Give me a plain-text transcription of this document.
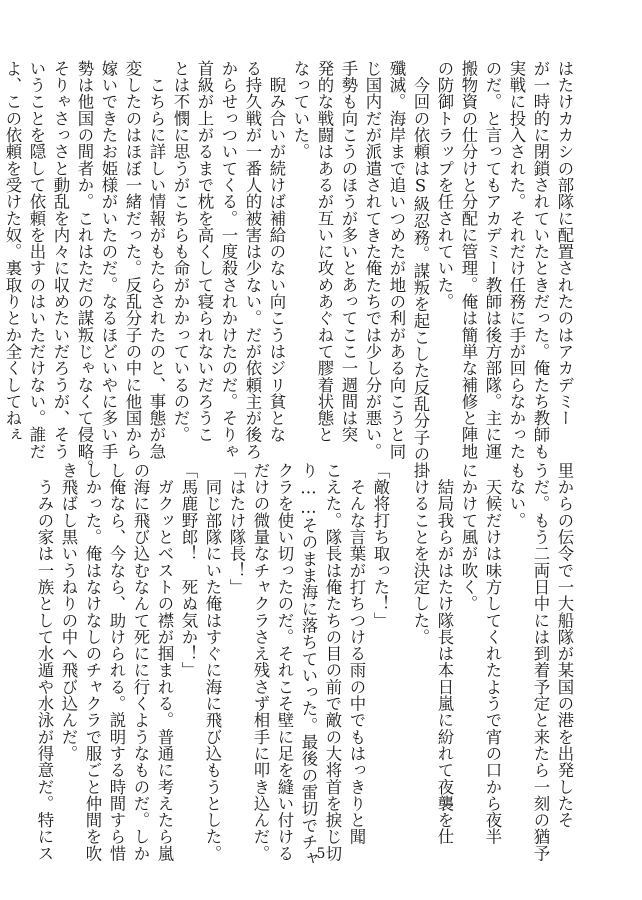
はたけカカシの部隊に配置されたのはアカデミー
が一時的に閉鎖されていたときだった。俺たち教師も
実戦に投入された。それだけ任務に手が回らなかった
のだ。と言ってもアカデミー教師は後方部隊。主に運
搬物資の仕分けと分配に管理。俺は簡単な補修と陣地
の防御トラップを任されていた。
　今回の依頼はS級忍務。謀叛を起こした反乱分子の
殲滅。海岸まで追いつめたが地の利がある向こうと同
じ国内だが派遣されてきた俺たちでは少し分が悪い。
手勢も向こうのほうが多いとあってここ一週間は突
発的な戦闘はあるが互いに攻めあぐねて膠着状態と
なっていた。
　睨み合いが続けば補給のない向こうはジリ貧とな
る持久戦が一番人的被害は少ない。だが依頼主が後ろ
からせっついてくる。一度殺されかけたのだ。そりゃ
首級が上がるまで枕を高くして寝られないだろうこ
とは不憫に思うがこちらも命がかかっているのだ。
　こちらに詳しい情報がもたらされたのと、事態が急
変したのはほぼ一緒だった。反乱分子の中に他国から
嫁いできたお姫様がいたのだ。なるほどいやに多い手
勢は他国の間者か。これはただの謀叛じゃなくて侵略。
そりゃさっさと動乱を内々に収めたいだろうが、そう
いうことを隠して依頼を出すのはいただけない。誰だ
よ、この依頼を受けた奴。裏取りとか全くしてねぇ
里からの伝令で一大船隊が某国の港を出発したそ
うだ。もう二両日中には到着予定と来たら一刻の猶予
もない。
　天候だけは味方してくれたようで宵の口から夜半
にかけて風が吹く。
　結局我らがはたけ隊長は本日嵐に紛れて夜襲を仕
掛けることを決定した。
「敵将打ち取った！」
　そんな言葉が打ちつける雨の中でもはっきりと聞
こえた。隊長は俺たちの目の前で敵の大将首を捩じ切
り……そのまま海に落ちていった。最後の雷切でチャ
クラを使い切ったのだ。それこそ壁に足を縫い付ける
だけの微量なチャクラさえ残さず相手に叩き込んだ。
「はたけ隊長！」
　同じ部隊にいた俺はすぐに海に飛び込もうとした。
「馬鹿野郎！　死ぬ気か！」
　ガクッとベストの襟が掴まれる。普通に考えたら嵐
の海に飛び込むなんて死にに行くようなものだ。しか
し俺なら、今なら、助けられる。説明する時間すら惜
しかった。俺はなけなしのチャクラで服ごと仲間を吹
き飛ばし黒いうねりの中へ飛び込んだ。
　うみの家は一族として水遁や水泳が得意だ。特にス	5
